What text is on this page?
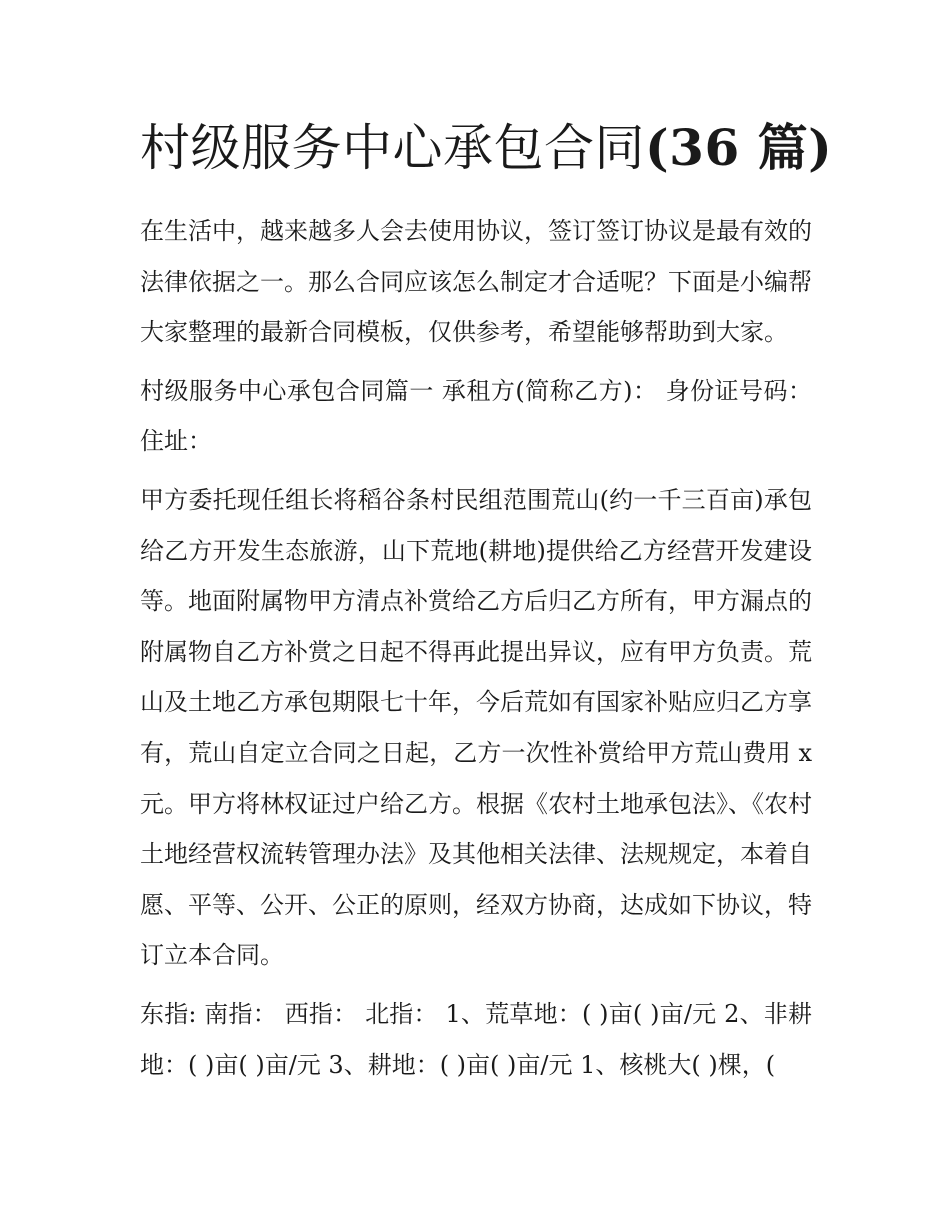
村级服务中心承包合同(36 篇)

在生活中，越来越多人会去使用协议，签订签订协议是最有效的法律依据之一。那么合同应该怎么制定才合适呢？下面是小编帮大家整理的最新合同模板，仅供参考，希望能够帮助到大家。

村级服务中心承包合同篇一 承租方(简称乙方)： 身份证号码： 住址：

甲方委托现任组长将稻谷条村民组范围荒山(约一千三百亩)承包给乙方开发生态旅游，山下荒地(耕地)提供给乙方经营开发建设等。地面附属物甲方清点补赏给乙方后归乙方所有，甲方漏点的附属物自乙方补赏之日起不得再此提出异议，应有甲方负责。荒山及土地乙方承包期限七十年，今后荒如有国家补贴应归乙方享有，荒山自定立合同之日起，乙方一次性补赏给甲方荒山费用 x 元。甲方将林权证过户给乙方。根据《农村土地承包法》、《农村土地经营权流转管理办法》及其他相关法律、法规规定，本着自愿、平等、公开、公正的原则，经双方协商，达成如下协议，特订立本合同。

东指: 南指： 西指： 北指： 1、荒草地：( )亩( )亩/元 2、非耕地：( )亩( )亩/元 3、耕地：( )亩( )亩/元 1、核桃大( )棵，(
